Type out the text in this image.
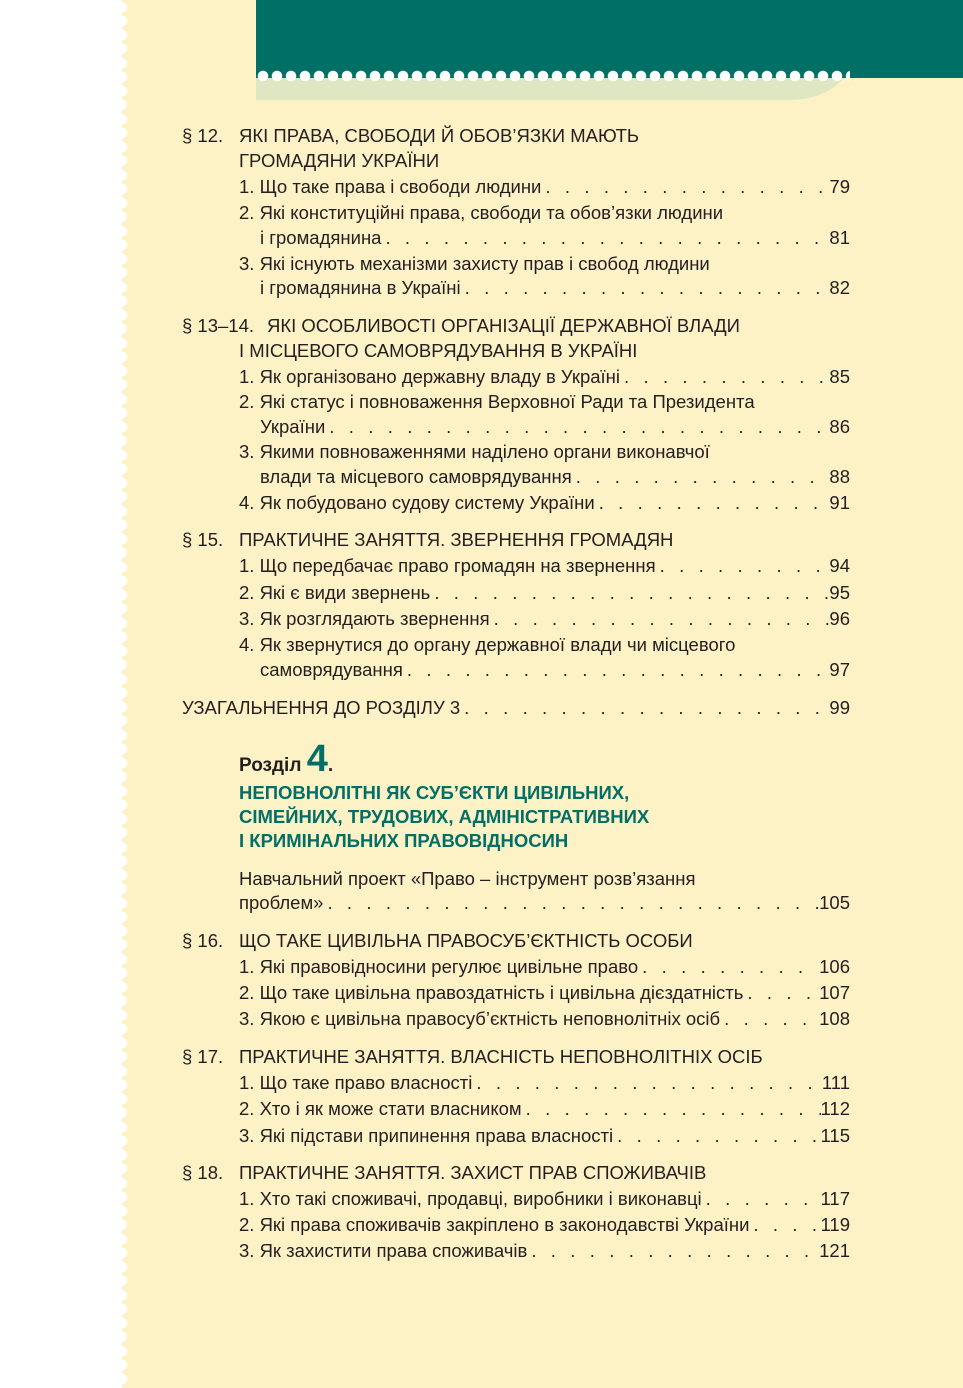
§ 12. ЯКІ ПРАВА, СВОБОДИ Й ОБОВ’ЯЗКИ МАЮТЬ
ГРОМАДЯНИ УКРАЇНИ
1. Що таке права і свободи людини . . .	79
2. Які конституційні права, свободи та обов’язки людини
і громадянина . . .	81
3. Які існують механізми захисту прав і свобод людини
і громадянина в Україні . . .	82
§ 13–14. ЯКІ ОСОБЛИВОСТІ ОРГАНІЗАЦІЇ ДЕРЖАВНОЇ ВЛАДИ
І МІСЦЕВОГО САМОВРЯДУВАННЯ В УКРАЇНІ
1. Як організовано державну владу в Україні . . .	85
2. Які статус і повноваження Верховної Ради та Президента
України . . .	86
3. Якими повноваженнями наділено органи виконавчої
влади та місцевого самоврядування . . .	88
4. Як побудовано судову систему України . . .	91
§ 15. ПРАКТИЧНЕ ЗАНЯТТЯ. ЗВЕРНЕННЯ ГРОМАДЯН
1. Що передбачає право громадян на звернення . . .	94
2. Які є види звернень . . .	95
3. Як розглядають звернення . . .	96
4. Як звернутися до органу державної влади чи місцевого
самоврядування . . .	97
УЗАГАЛЬНЕННЯ ДО РОЗДІЛУ 3 . . .	99
Розділ 4.
НЕПОВНОЛІТНІ ЯК СУБ’ЄКТИ ЦИВІЛЬНИХ,
СІМЕЙНИХ, ТРУДОВИХ, АДМІНІСТРАТИВНИХ
І КРИМІНАЛЬНИХ ПРАВОВІДНОСИН
Навчальний проект «Право – інструмент розв’язання
проблем» . . .	105
§ 16. ЩО ТАКЕ ЦИВІЛЬНА ПРАВОСУБ’ЄКТНІСТЬ ОСОБИ
1. Які правовідносини регулює цивільне право . . .	106
2. Що таке цивільна правоздатність і цивільна дієздатність . . .	107
3. Якою є цивільна правосуб’єктність неповнолітніх осіб . . .	108
§ 17. ПРАКТИЧНЕ ЗАНЯТТЯ. ВЛАСНІСТЬ НЕПОВНОЛІТНІХ ОСІБ
1. Що таке право власності . . .	111
2. Хто і як може стати власником . . .	112
3. Які підстави припинення права власності . . .	115
§ 18. ПРАКТИЧНЕ ЗАНЯТТЯ. ЗАХИСТ ПРАВ СПОЖИВАЧІВ
1. Хто такі споживачі, продавці, виробники і виконавці . . .	117
2. Які права споживачів закріплено в законодавстві України . . .	119
3. Як захистити права споживачів . . .	121
